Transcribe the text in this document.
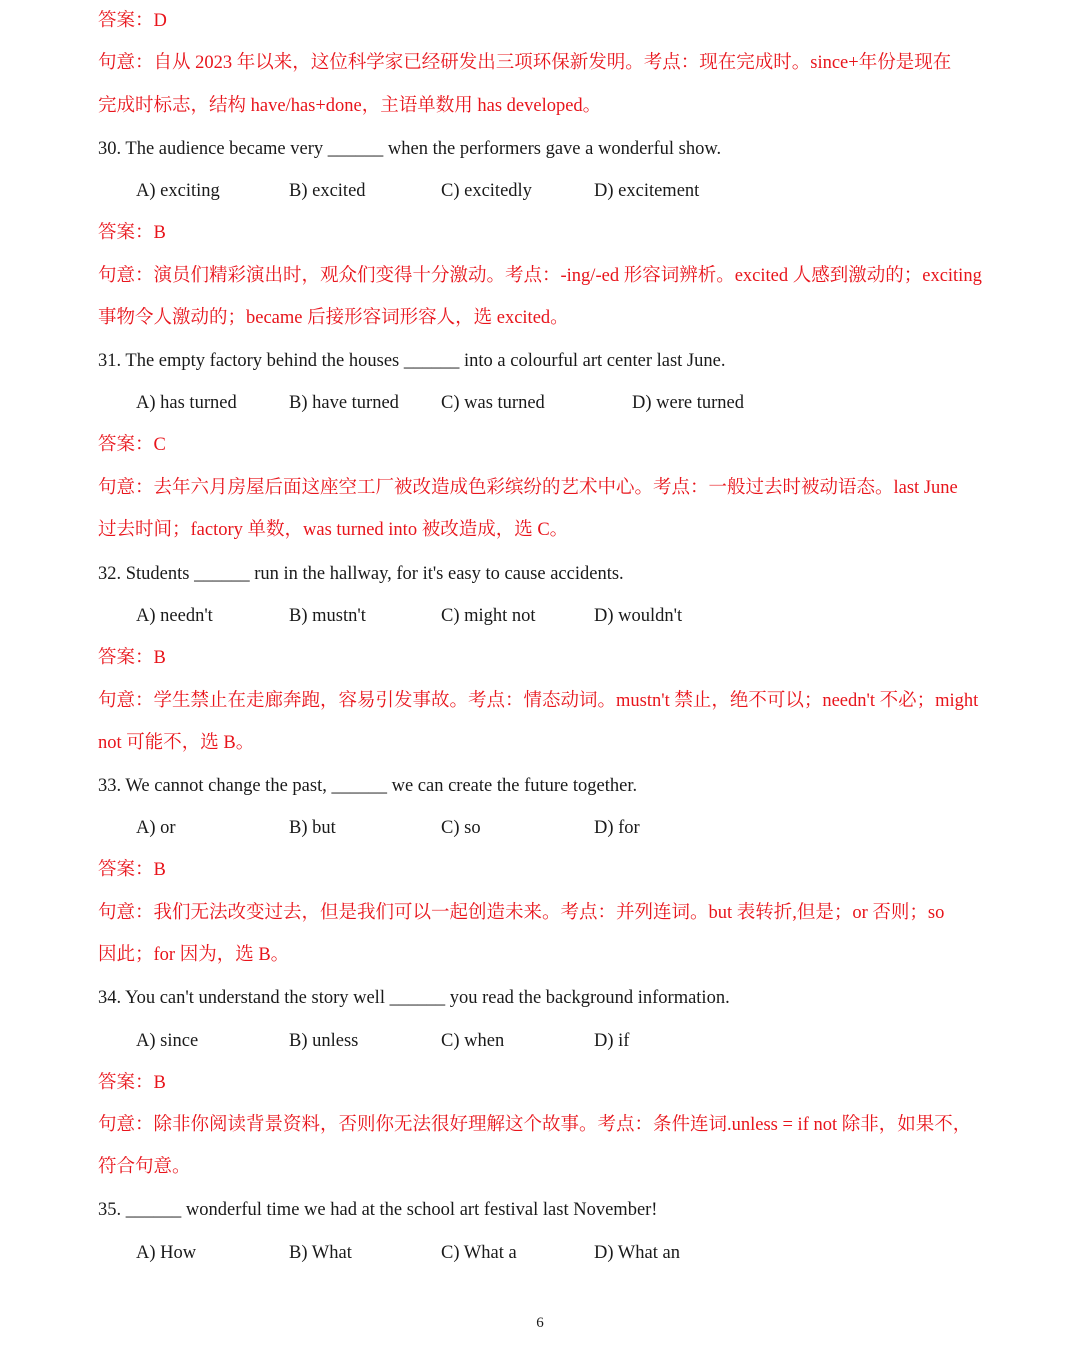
答案：D
句意：自从 2023 年以来，这位科学家已经研发出三项环保新发明。考点：现在完成时。since+年份是现在
完成时标志，结构 have/has+done，主语单数用 has developed。
30. The audience became very ______ when the performers gave a wonderful show.
A) exciting	B) excited	C) excitedly	D) excitement
答案：B
句意：演员们精彩演出时，观众们变得十分激动。考点：-ing/-ed 形容词辨析。excited 人感到激动的；exciting
事物令人激动的；became 后接形容词形容人，选 excited。
31. The empty factory behind the houses ______ into a colourful art center last June.
A) has turned	B) have turned C) was turned	D) were turned
答案：C
句意：去年六月房屋后面这座空工厂被改造成色彩缤纷的艺术中心。考点：一般过去时被动语态。last June
过去时间；factory 单数，was turned into 被改造成，选 C。
32. Students ______ run in the hallway, for it's easy to cause accidents.
A) needn't	B) mustn't	C) might not	D) wouldn't
答案：B
句意：学生禁止在走廊奔跑，容易引发事故。考点：情态动词。mustn't 禁止，绝不可以；needn't 不必；might
not 可能不，选 B。
33. We cannot change the past, ______ we can create the future together.
A) or	B) but	C) so	D) for
答案：B
句意：我们无法改变过去，但是我们可以一起创造未来。考点：并列连词。but 表转折,但是；or 否则；so
因此；for 因为，选 B。
34. You can't understand the story well ______ you read the background information.
A) since	B) unless	C) when	D) if
答案：B
句意：除非你阅读背景资料，否则你无法很好理解这个故事。考点：条件连词.unless = if not 除非，如果不，
符合句意。
35. ______ wonderful time we had at the school art festival last November!
A) How	B) What	C) What a	D) What an
6
